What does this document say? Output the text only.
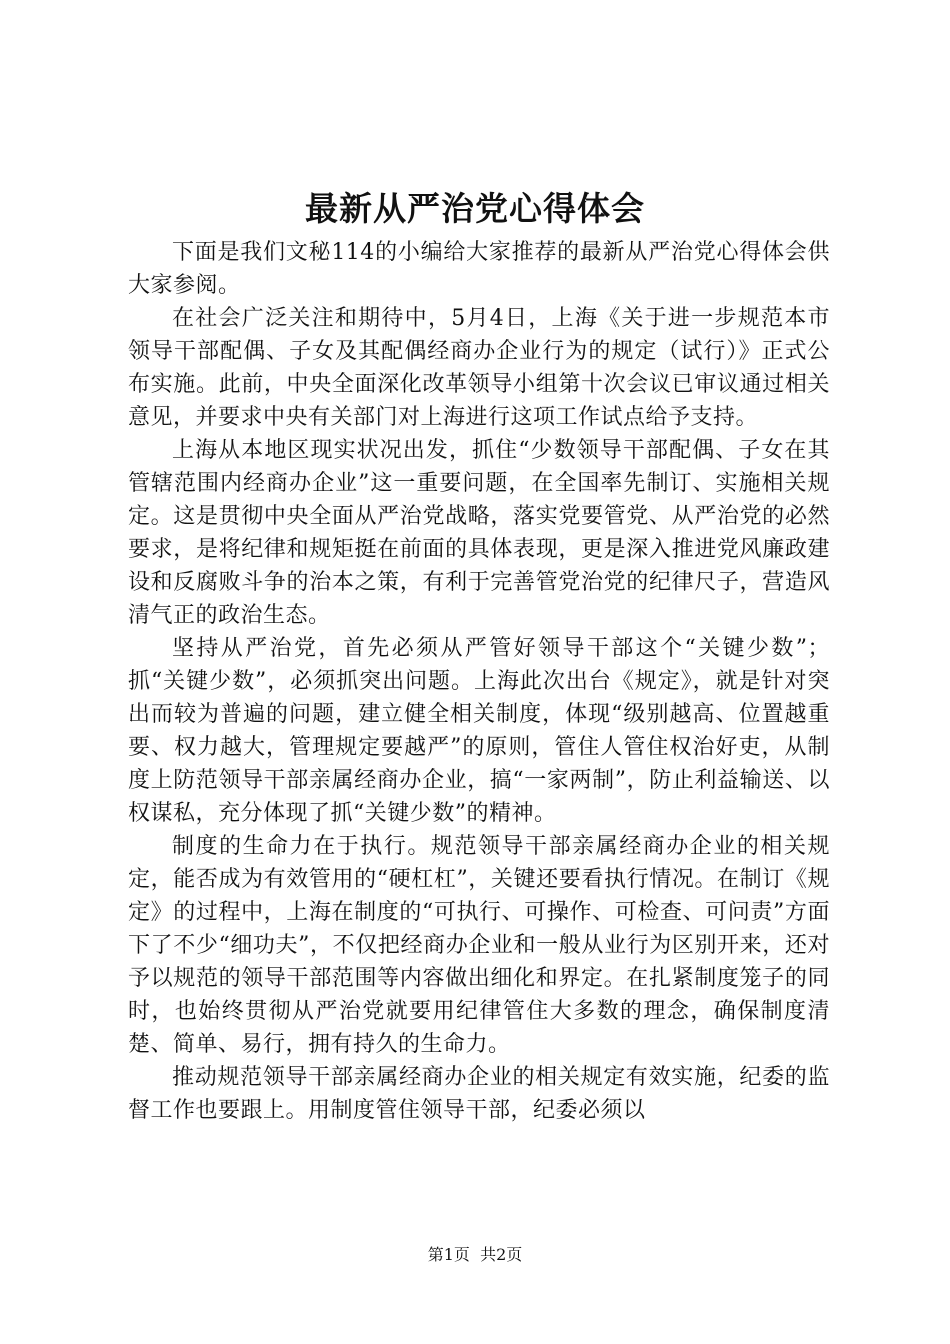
最新从严治党心得体会

下面是我们文秘114的小编给大家推荐的最新从严治党心得体会供大家参阅。

在社会广泛关注和期待中，5月4日，上海《关于进一步规范本市领导干部配偶、子女及其配偶经商办企业行为的规定（试行）》正式公布实施。此前，中央全面深化改革领导小组第十次会议已审议通过相关意见，并要求中央有关部门对上海进行这项工作试点给予支持。

上海从本地区现实状况出发，抓住“少数领导干部配偶、子女在其管辖范围内经商办企业”这一重要问题，在全国率先制订、实施相关规定。这是贯彻中央全面从严治党战略，落实党要管党、从严治党的必然要求，是将纪律和规矩挺在前面的具体表现，更是深入推进党风廉政建设和反腐败斗争的治本之策，有利于完善管党治党的纪律尺子，营造风清气正的政治生态。

坚持从严治党，首先必须从严管好领导干部这个“关键少数”；抓“关键少数”，必须抓突出问题。上海此次出台《规定》，就是针对突出而较为普遍的问题，建立健全相关制度，体现“级别越高、位置越重要、权力越大，管理规定要越严”的原则，管住人管住权治好吏，从制度上防范领导干部亲属经商办企业，搞“一家两制”，防止利益输送、以权谋私，充分体现了抓“关键少数”的精神。

制度的生命力在于执行。规范领导干部亲属经商办企业的相关规定，能否成为有效管用的“硬杠杠”，关键还要看执行情况。在制订《规定》的过程中，上海在制度的“可执行、可操作、可检查、可问责”方面下了不少“细功夫”，不仅把经商办企业和一般从业行为区别开来，还对予以规范的领导干部范围等内容做出细化和界定。在扎紧制度笼子的同时，也始终贯彻从严治党就要用纪律管住大多数的理念，确保制度清楚、简单、易行，拥有持久的生命力。

推动规范领导干部亲属经商办企业的相关规定有效实施，纪委的监督工作也要跟上。用制度管住领导干部，纪委必须以

第1页 共2页
